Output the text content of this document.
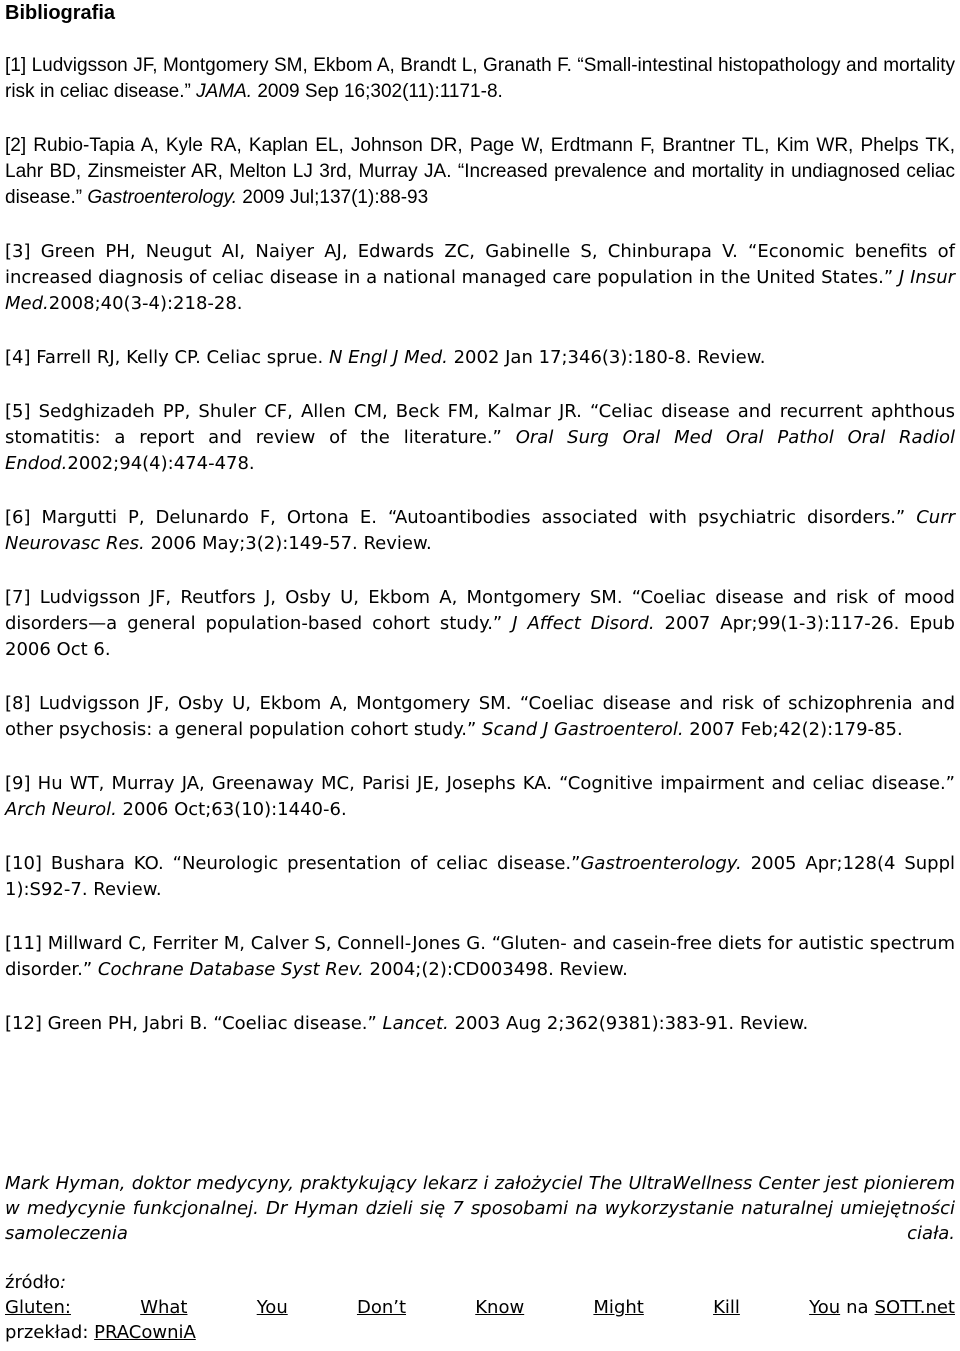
Bibliografia

[1] Ludvigsson JF, Montgomery SM, Ekbom A, Brandt L, Granath F. “Small-intestinal histopathology and mortality risk in celiac disease.” JAMA. 2009 Sep 16;302(11):1171-8.

[2] Rubio-Tapia A, Kyle RA, Kaplan EL, Johnson DR, Page W, Erdtmann F, Brantner TL, Kim WR, Phelps TK, Lahr BD, Zinsmeister AR, Melton LJ 3rd, Murray JA. “Increased prevalence and mortality in undiagnosed celiac disease.” Gastroenterology. 2009 Jul;137(1):88-93

[3] Green PH, Neugut AI, Naiyer AJ, Edwards ZC, Gabinelle S, Chinburapa V. “Economic benefits of increased diagnosis of celiac disease in a national managed care population in the United States.” J Insur Med.2008;40(3-4):218-28.

[4] Farrell RJ, Kelly CP. Celiac sprue. N Engl J Med. 2002 Jan 17;346(3):180-8. Review.

[5] Sedghizadeh PP, Shuler CF, Allen CM, Beck FM, Kalmar JR. “Celiac disease and recurrent aphthous stomatitis: a report and review of the literature.” Oral Surg Oral Med Oral Pathol Oral Radiol Endod.2002;94(4):474-478.

[6] Margutti P, Delunardo F, Ortona E. “Autoantibodies associated with psychiatric disorders.” Curr Neurovasc Res. 2006 May;3(2):149-57. Review.

[7] Ludvigsson JF, Reutfors J, Osby U, Ekbom A, Montgomery SM. “Coeliac disease and risk of mood disorders—a general population-based cohort study.” J Affect Disord. 2007 Apr;99(1-3):117-26. Epub 2006 Oct 6.

[8] Ludvigsson JF, Osby U, Ekbom A, Montgomery SM. “Coeliac disease and risk of schizophrenia and other psychosis: a general population cohort study.” Scand J Gastroenterol. 2007 Feb;42(2):179-85.

[9] Hu WT, Murray JA, Greenaway MC, Parisi JE, Josephs KA. “Cognitive impairment and celiac disease.” Arch Neurol. 2006 Oct;63(10):1440-6.

[10] Bushara KO. “Neurologic presentation of celiac disease.”Gastroenterology. 2005 Apr;128(4 Suppl 1):S92-7. Review.

[11] Millward C, Ferriter M, Calver S, Connell-Jones G. “Gluten- and casein-free diets for autistic spectrum disorder.” Cochrane Database Syst Rev. 2004;(2):CD003498. Review.

[12] Green PH, Jabri B. “Coeliac disease.” Lancet. 2003 Aug 2;362(9381):383-91. Review.

Mark Hyman, doktor medycyny, praktykujący lekarz i założyciel The UltraWellness Center jest pionierem w medycynie funkcjonalnej. Dr Hyman dzieli się 7 sposobami na wykorzystanie naturalnej umiejętności samoleczenia ciała.

źródło:
Gluten:	What	You	Don’t	Know	Might	Kill	You na SOTT.net
przekład: PRACowniA
